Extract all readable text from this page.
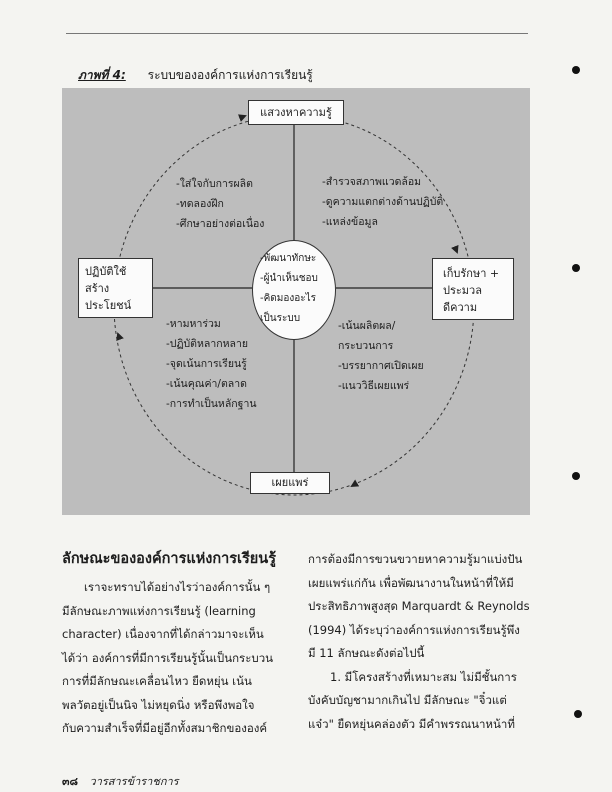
ภาพที่ 4: ระบบขององค์การแห่งการเรียนรู้
แสวงหาความรู้
ปฏิบัติใช้
สร้าง
ประโยชน์
เก็บรักษา +
ประมวล
ดีความ
เผยแพร่
-พัฒนาทักษะ
-ผู้นำเห็นชอบ
-คิดมองอะไร
เป็นระบบ
-ใส่ใจกับการผลิต
-ทดลองฝึก
-ศึกษาอย่างต่อเนื่อง
-สำรวจสภาพแวดล้อม
-ดูความแตกต่างด้านปฏิบัติ
-แหล่งข้อมูล
-หามหาร่วม
-ปฏิบัติหลากหลาย
-จุดเน้นการเรียนรู้
-เน้นคุณค่า/ตลาด
-การทำเป็นหลักฐาน
-เน้นผลิตผล/
กระบวนการ
-บรรยากาศเปิดเผย
-แนววิธีเผยแพร่

ลักษณะขององค์การแห่งการเรียนรู้

เราจะทราบได้อย่างไรว่าองค์การนั้น ๆ

มีลักษณะภาพแห่งการเรียนรู้ (learning

character) เนื่องจากที่ได้กล่าวมาจะเห็น

ได้ว่า องค์การที่มีการเรียนรู้นั้นเป็นกระบวน

การที่มีลักษณะเคลื่อนไหว ยืดหยุ่น เน้น

พลวัตอยู่เป็นนิจ ไม่หยุดนิ่ง หรือพึงพอใจ

กับความสำเร็จที่มีอยู่อีกทั้งสมาชิกขององค์

การต้องมีการขวนขวายหาความรู้มาแบ่งปัน

เผยแพร่แก่กัน เพื่อพัฒนางานในหน้าที่ให้มี

ประสิทธิภาพสูงสุด Marquardt & Reynolds

(1994) ได้ระบุว่าองค์การแห่งการเรียนรู้พึง

มี 11 ลักษณะดังต่อไปนี้

1. มีโครงสร้างที่เหมาะสม ไม่มีชั้นการ

บังคับบัญชามากเกินไป มีลักษณะ "จิ๋วแต่

แจ๋ว" ยืดหยุ่นคล่องตัว มีคำพรรณนาหน้าที่

๓๘ วารสารข้าราชการ
